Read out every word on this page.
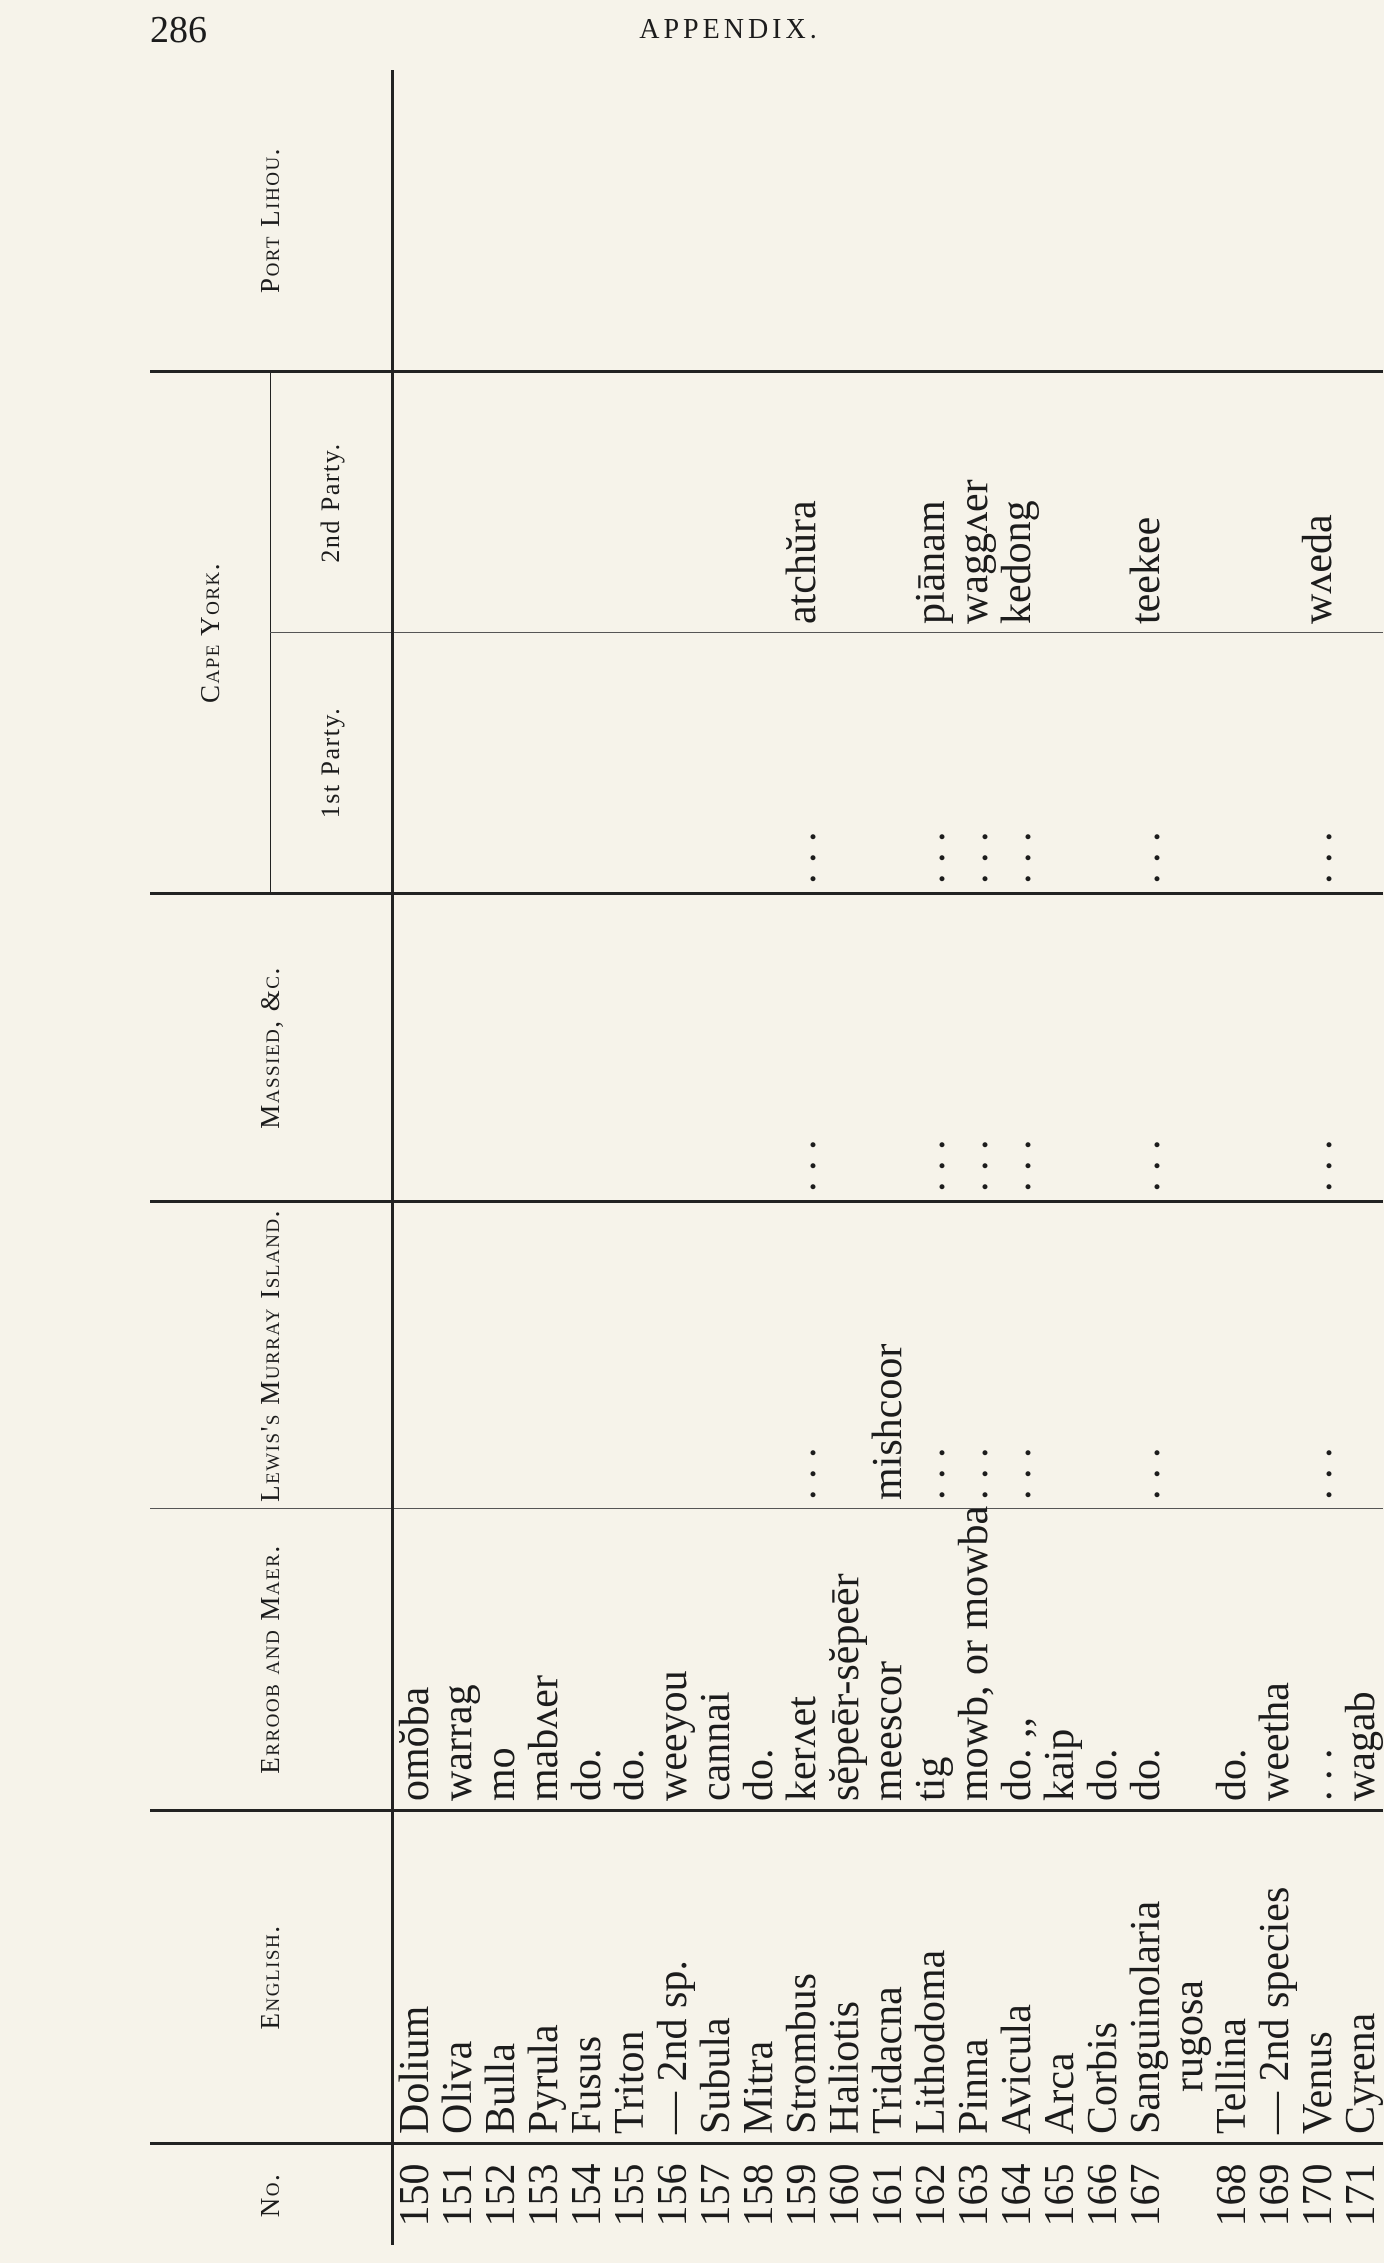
286	APPENDIX.
No.	English.	Erroob and Maer.	Lewis's Murray Island.	Massied, &c.	Cape York.		Port Lihou.
					1st Party.	2nd Party.	
150	Dolium	omŏba					
151	Oliva	warrag					
152	Bulla	mo					
153	Pyrula	mabʌer					
154	Fusus	do.					
155	Triton	do.					
156	— 2nd sp.	weeyou					
157	Subula	cannai					
158	Mitra	do.					
159	Strombus	kerʌet	. . .	. . .	. . .	atchŭra	
160	Haliotis	sĕpeēr-sĕpeēr					
161	Tridacna	meescor	mishcoor				
162	Lithodoma	tig	. . .	. . .	. . .	piānam	
163	Pinna	mowb, or mowba	. . .	. . .	. . .	waggʌer	
164	Avicula	do. ,,	. . .	. . .	. . .	kedong	
165	Arca	kaip					
166	Corbis	do.					
167	Sanguinolaria	do.	. . .	. . .	. . .	teekee	
	rugosa						
168	Tellina	do.					
169	— 2nd species	weetha					
170	Venus	. . .	. . .	. . .	. . .	wʌeda	
171	Cyrena	wagab					
